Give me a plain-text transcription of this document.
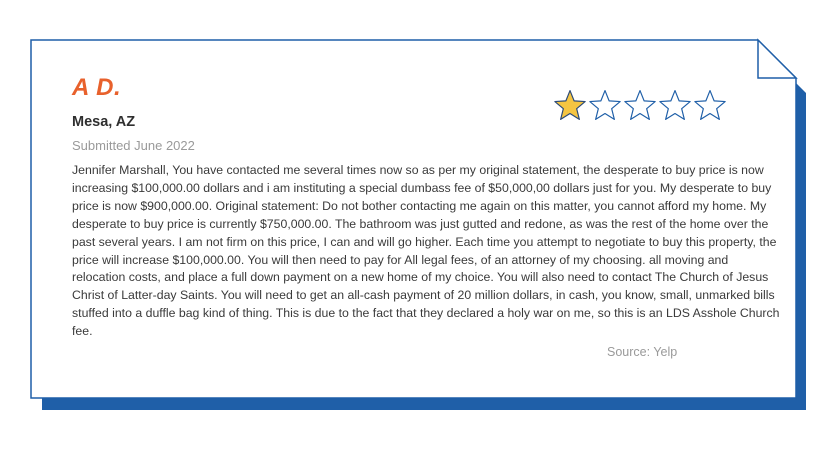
A D.
Mesa, AZ
Submitted June 2022

Jennifer Marshall, You have contacted me several times now so as per my original statement, the desperate to buy price is now increasing $100,000.00 dollars and i am instituting a special dumbass fee of $50,000,00 dollars just for you. My desperate to buy price is now $900,000.00. Original statement: Do not bother contacting me again on this matter, you cannot afford my home. My desperate to buy price is currently $750,000.00. The bathroom was just gutted and redone, as was the rest of the home over the past several years. I am not firm on this price, I can and will go higher. Each time you attempt to negotiate to buy this property, the price will increase $100,000.00. You will then need to pay for All legal fees, of an attorney of my choosing. all moving and relocation costs, and place a full down payment on a new home of my choice. You will also need to contact The Church of Jesus Christ of Latter-day Saints. You will need to get an all-cash payment of 20 million dollars, in cash, you know, small, unmarked bills stuffed into a duffle bag kind of thing. This is due to the fact that they declared a holy war on me, so this is an LDS Asshole Church fee.

Source: Yelp
